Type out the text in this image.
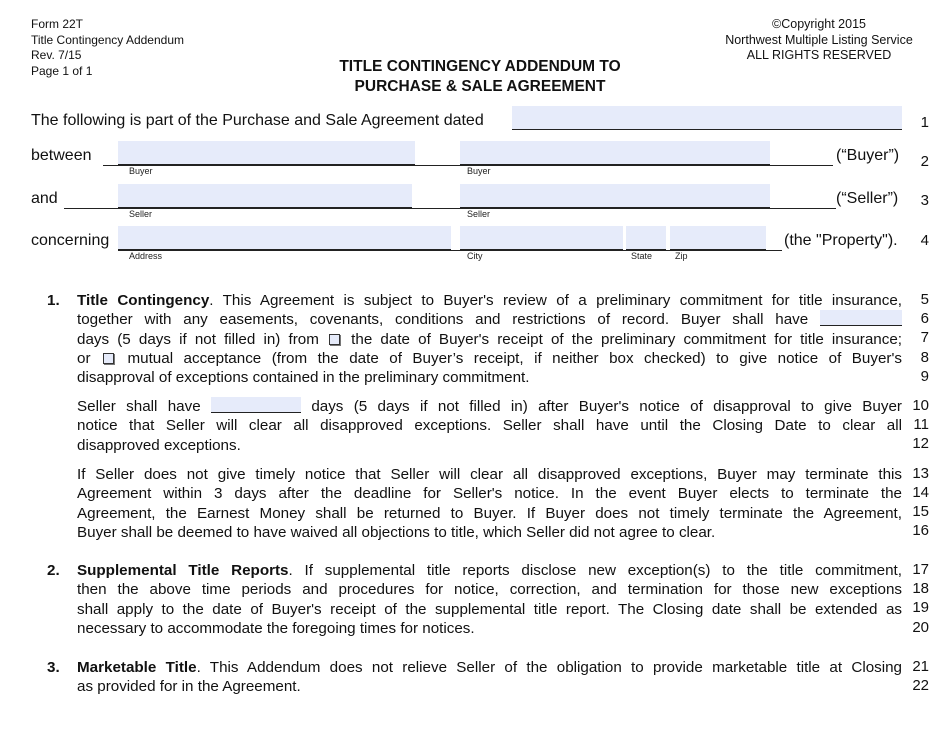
Form 22T
Title Contingency Addendum
Rev. 7/15
Page 1 of 1
©Copyright 2015
Northwest Multiple Listing Service
ALL RIGHTS RESERVED
TITLE CONTINGENCY ADDENDUM TO
PURCHASE & SALE AGREEMENT
The following is part of the Purchase and Sale Agreement dated
between	(“Buyer”)
Buyer	Buyer
and	(“Seller”)
Seller	Seller
concerning	(the "Property").
Address	City	State	Zip
1
2
3
4
5
6
7
8
9
10
11
12
13
14
15
16
17
18
19
20
21
22
1. Title Contingency. This Agreement is subject to Buyer's review of a preliminary commitment for title insurance,
together with any easements, covenants, conditions and restrictions of record. Buyer shall have
days (5 days if not filled in) from the date of Buyer's receipt of the preliminary commitment for title insurance;
or mutual acceptance (from the date of Buyer’s receipt, if neither box checked) to give notice of Buyer's
disapproval of exceptions contained in the preliminary commitment.
Seller shall have	days (5 days if not filled in) after Buyer's notice of disapproval to give Buyer
notice that Seller will clear all disapproved exceptions. Seller shall have until the Closing Date to clear all
disapproved exceptions.
If Seller does not give timely notice that Seller will clear all disapproved exceptions, Buyer may terminate this
Agreement within 3 days after the deadline for Seller's notice. In the event Buyer elects to terminate the
Agreement, the Earnest Money shall be returned to Buyer. If Buyer does not timely terminate the Agreement,
Buyer shall be deemed to have waived all objections to title, which Seller did not agree to clear.
2. Supplemental Title Reports. If supplemental title reports disclose new exception(s) to the title commitment,
then the above time periods and procedures for notice, correction, and termination for those new exceptions
shall apply to the date of Buyer's receipt of the supplemental title report. The Closing date shall be extended as
necessary to accommodate the foregoing times for notices.
3. Marketable Title. This Addendum does not relieve Seller of the obligation to provide marketable title at Closing
as provided for in the Agreement.
